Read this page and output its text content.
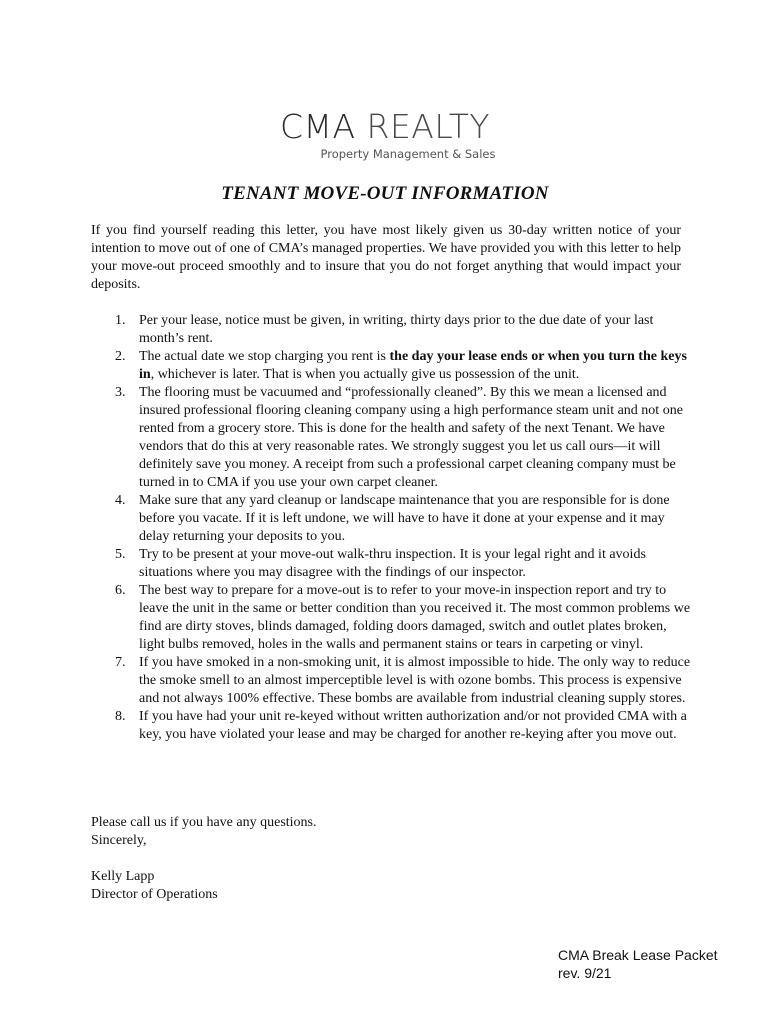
CMA REALTY
Property Management & Sales
TENANT MOVE-OUT INFORMATION
If you find yourself reading this letter, you have most likely given us 30-day written notice of your intention to move out of one of CMA’s managed properties. We have provided you with this letter to help your move-out proceed smoothly and to insure that you do not forget anything that would impact your deposits.
1. Per your lease, notice must be given, in writing, thirty days prior to the due date of your last month’s rent.
2. The actual date we stop charging you rent is the day your lease ends or when you turn the keys in, whichever is later. That is when you actually give us possession of the unit.
3. The flooring must be vacuumed and “professionally cleaned”. By this we mean a licensed and insured professional flooring cleaning company using a high performance steam unit and not one rented from a grocery store. This is done for the health and safety of the next Tenant. We have vendors that do this at very reasonable rates. We strongly suggest you let us call ours—it will definitely save you money. A receipt from such a professional carpet cleaning company must be turned in to CMA if you use your own carpet cleaner.
4. Make sure that any yard cleanup or landscape maintenance that you are responsible for is done before you vacate. If it is left undone, we will have to have it done at your expense and it may delay returning your deposits to you.
5. Try to be present at your move-out walk-thru inspection. It is your legal right and it avoids situations where you may disagree with the findings of our inspector.
6. The best way to prepare for a move-out is to refer to your move-in inspection report and try to leave the unit in the same or better condition than you received it. The most common problems we find are dirty stoves, blinds damaged, folding doors damaged, switch and outlet plates broken, light bulbs removed, holes in the walls and permanent stains or tears in carpeting or vinyl.
7. If you have smoked in a non-smoking unit, it is almost impossible to hide. The only way to reduce the smoke smell to an almost imperceptible level is with ozone bombs. This process is expensive and not always 100% effective. These bombs are available from industrial cleaning supply stores.
8. If you have had your unit re-keyed without written authorization and/or not provided CMA with a key, you have violated your lease and may be charged for another re-keying after you move out.
Please call us if you have any questions.
Sincerely,
Kelly Lapp
Director of Operations
CMA Break Lease Packet
rev. 9/21
